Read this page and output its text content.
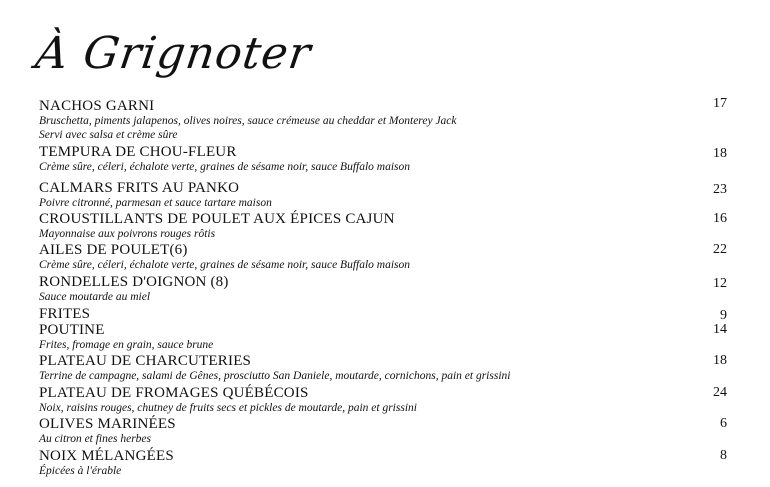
À Grignoter
NACHOS GARNI
Bruschetta, piments jalapenos, olives noires, sauce crémeuse au cheddar et Monterey Jack
Servi avec salsa et crème sûre
17
TEMPURA DE CHOU-FLEUR
Crème sûre, céleri, échalote verte, graines de sésame noir, sauce Buffalo maison
18
CALMARS FRITS AU PANKO
Poivre citronné, parmesan et sauce tartare maison
23
CROUSTILLANTS DE POULET AUX ÉPICES CAJUN
Mayonnaise aux poivrons rouges rôtis
16
AILES DE POULET(6)
Crème sûre, céleri, échalote verte, graines de sésame noir, sauce Buffalo maison
22
RONDELLES D'OIGNON (8)
Sauce moutarde au miel
12
FRITES	9
POUTINE
Frites, fromage en grain, sauce brune
14
PLATEAU DE CHARCUTERIES
Terrine de campagne, salami de Gênes, prosciutto San Daniele, moutarde, cornichons, pain et grissini
18
PLATEAU DE FROMAGES QUÉBÉCOIS
Noix, raisins rouges, chutney de fruits secs et pickles de moutarde, pain et grissini
24
OLIVES MARINÉES
Au citron et fines herbes
6
NOIX MÉLANGÉES
Épicées à l'érable
8
